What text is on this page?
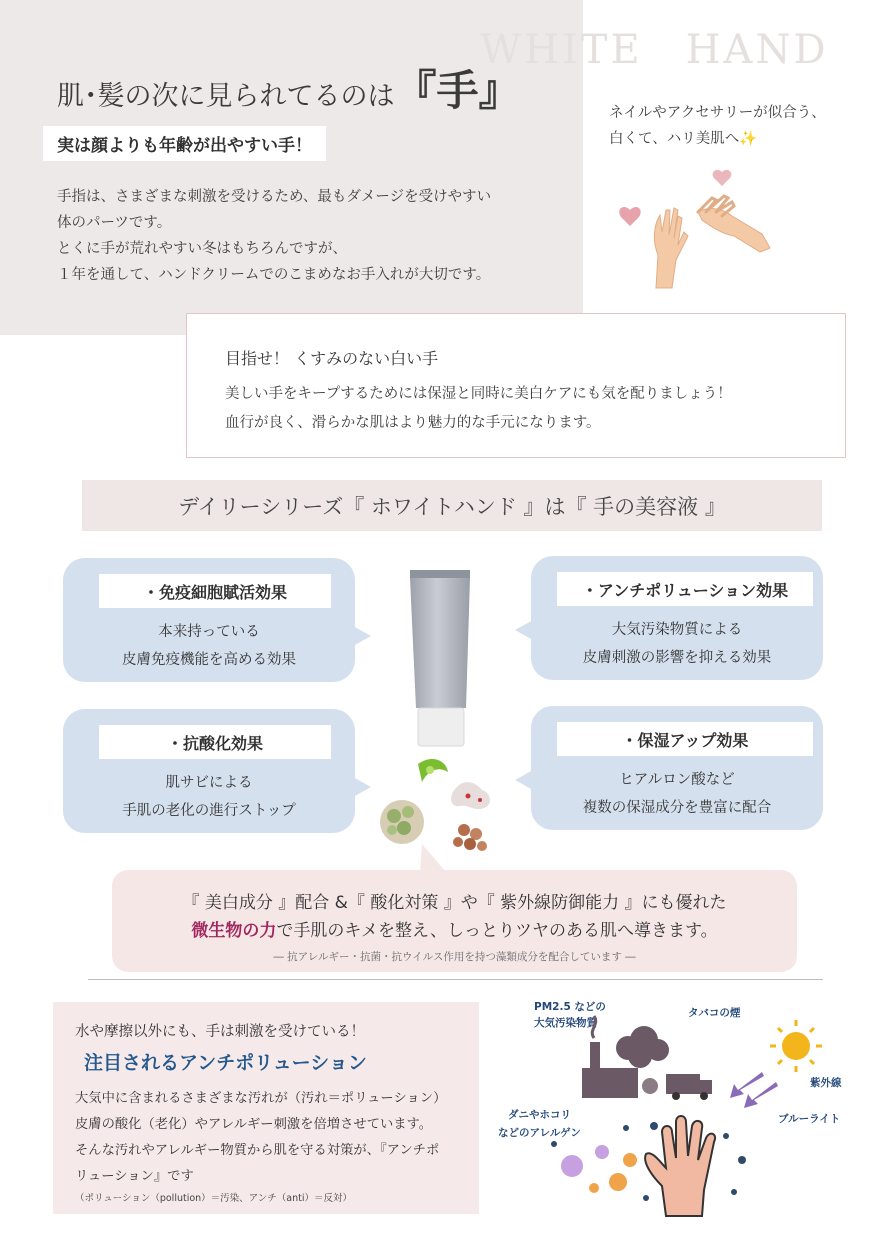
WHITE　HAND
肌･髪の次に見られてるのは『手』
実は顔よりも年齢が出やすい手！
手指は、さまざまな刺激を受けるため、最もダメージを受けやすい
体のパーツです。
とくに手が荒れやすい冬はもちろんですが、
１年を通して、ハンドクリームでのこまめなお手入れが大切です。
ネイルやアクセサリーが似合う、
白くて、ハリ美肌へ✨
目指せ！ くすみのない白い手
美しい手をキープするためには保湿と同時に美白ケアにも気を配りましょう！
血行が良く、滑らかな肌はより魅力的な手元になります。
デイリーシリーズ『 ホワイトハンド 』は『 手の美容液 』
・免疫細胞賦活効果
本来持っている
皮膚免疫機能を高める効果
・アンチポリューション効果
大気汚染物質による
皮膚刺激の影響を抑える効果
・抗酸化効果
肌サビによる
手肌の老化の進行ストップ
・保湿アップ効果
ヒアルロン酸など
複数の保湿成分を豊富に配合
『 美白成分 』配合 &『 酸化対策 』や『 紫外線防御能力 』にも優れた
微生物の力で手肌のキメを整え、しっとりツヤのある肌へ導きます。
― 抗アレルギー・抗菌・抗ウイルス作用を持つ藻類成分を配合しています ―
水や摩擦以外にも、手は刺激を受けている！
注目されるアンチポリューション
大気中に含まれるさまざまな汚れが（汚れ＝ポリューション）
皮膚の酸化（老化）やアレルギー刺激を倍増させています。
そんな汚れやアレルギー物質から肌を守る対策が、『アンチポ
リューション』です
（ポリューション（pollution）＝汚染、アンチ（anti）＝反対）
PM2.5 などの
大気汚染物質
タバコの煙
紫外線
ブルーライト
ダニやホコリ
などのアレルゲン
